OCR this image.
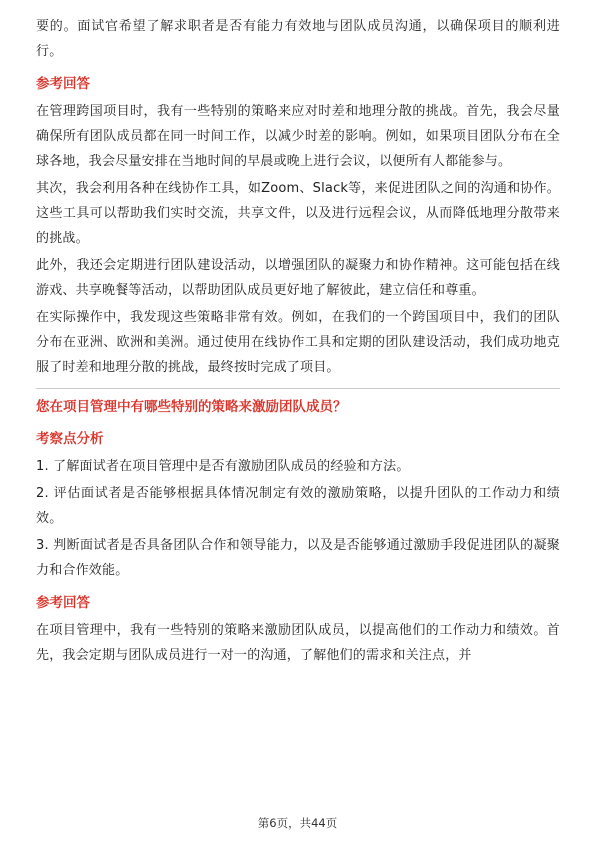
要的。面试官希望了解求职者是否有能力有效地与团队成员沟通，以确保项目的顺利进行。

参考回答

在管理跨国项目时，我有一些特别的策略来应对时差和地理分散的挑战。首先，我会尽量确保所有团队成员都在同一时间工作，以减少时差的影响。例如，如果项目团队分布在全球各地，我会尽量安排在当地时间的早晨或晚上进行会议，以便所有人都能参与。

其次，我会利用各种在线协作工具，如Zoom、Slack等，来促进团队之间的沟通和协作。这些工具可以帮助我们实时交流，共享文件，以及进行远程会议，从而降低地理分散带来的挑战。

此外，我还会定期进行团队建设活动，以增强团队的凝聚力和协作精神。这可能包括在线游戏、共享晚餐等活动，以帮助团队成员更好地了解彼此，建立信任和尊重。

在实际操作中，我发现这些策略非常有效。例如，在我们的一个跨国项目中，我们的团队分布在亚洲、欧洲和美洲。通过使用在线协作工具和定期的团队建设活动，我们成功地克服了时差和地理分散的挑战，最终按时完成了项目。

您在项目管理中有哪些特别的策略来激励团队成员？
考察点分析

1. 了解面试者在项目管理中是否有激励团队成员的经验和方法。

2. 评估面试者是否能够根据具体情况制定有效的激励策略，以提升团队的工作动力和绩效。

3. 判断面试者是否具备团队合作和领导能力，以及是否能够通过激励手段促进团队的凝聚力和合作效能。

参考回答

在项目管理中，我有一些特别的策略来激励团队成员，以提高他们的工作动力和绩效。首先，我会定期与团队成员进行一对一的沟通，了解他们的需求和关注点，并

第6页，共44页
